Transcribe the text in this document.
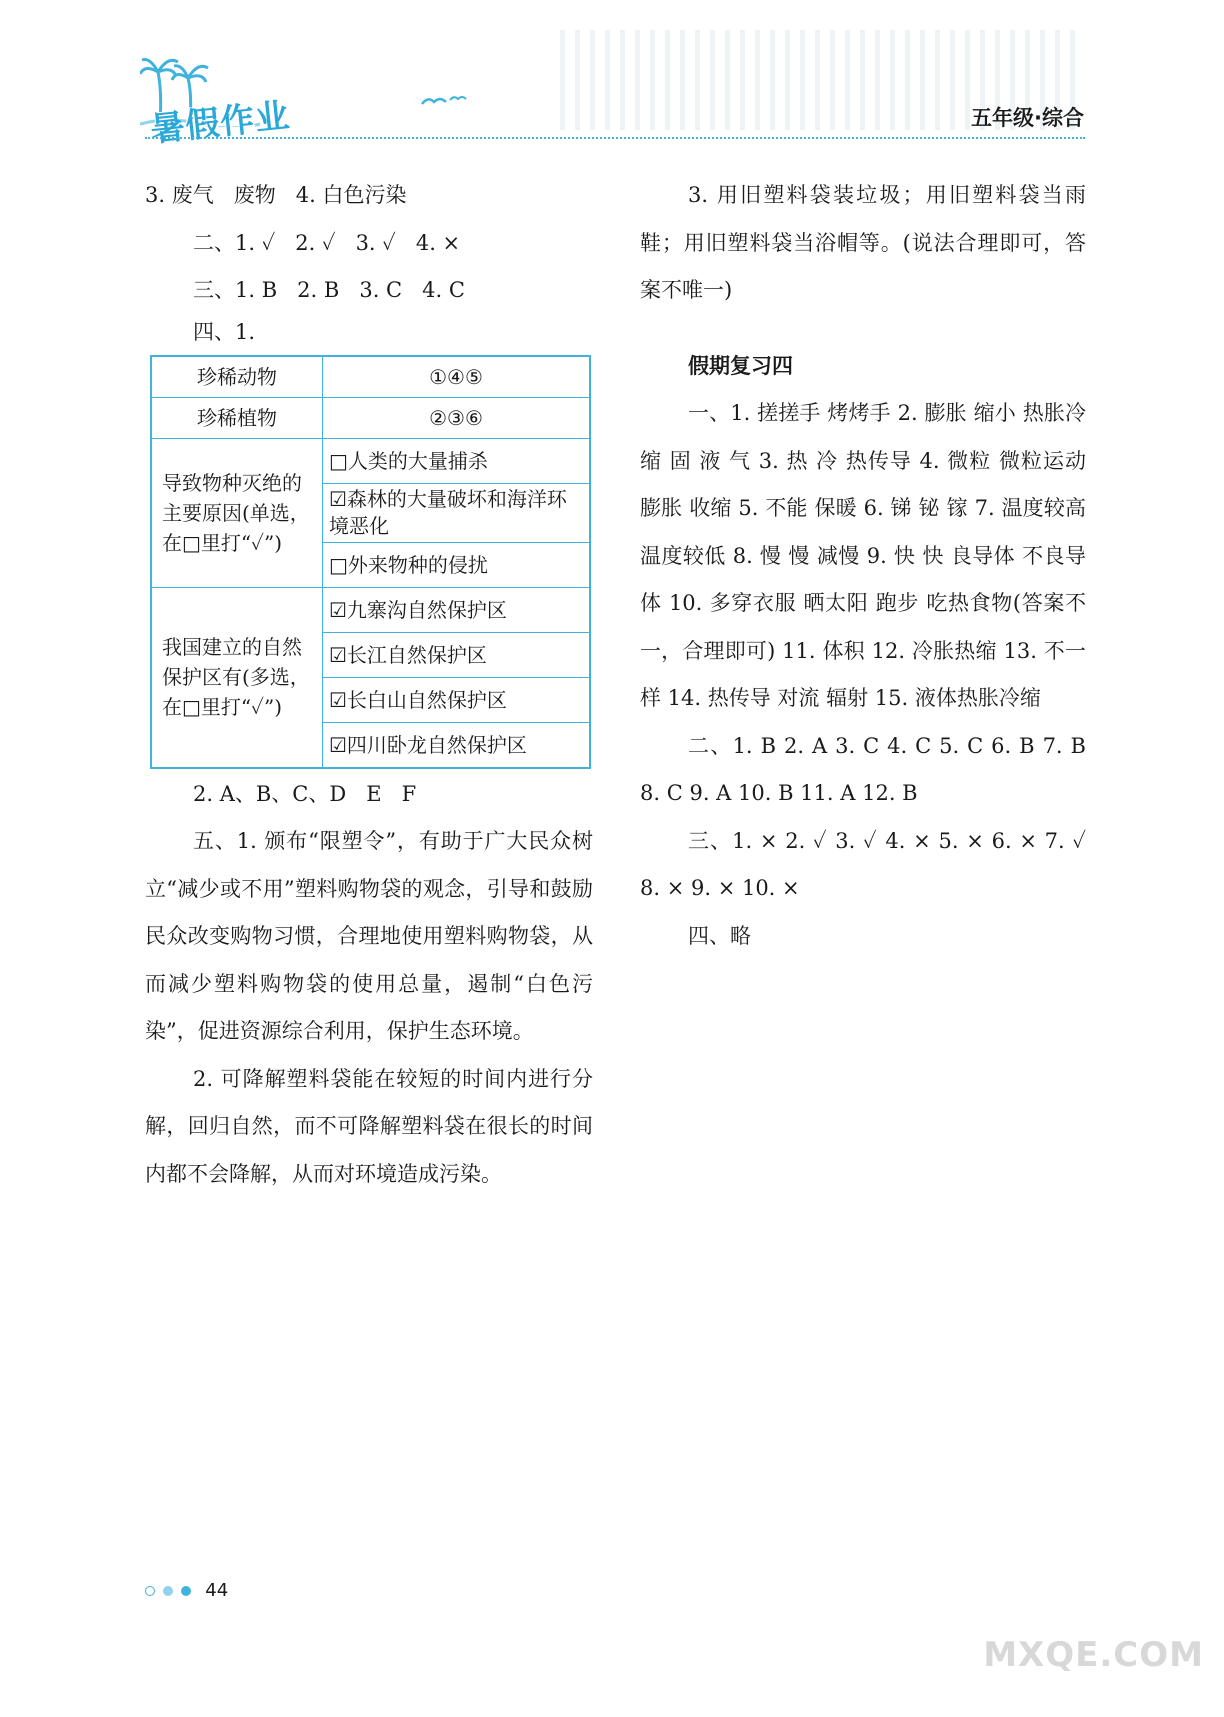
暑假作业	五年级·综合
3. 废气   废物   4. 白色污染
二、1. ✓   2. ✓   3. ✓   4. ×
三、1. B   2. B   3. C   4. C
四、1.
珍稀动物	①④⑤
珍稀植物	②③⑥
导致物种灭绝的主要原因(单选，在□里打“✓”)	□人类的大量捕杀
	☑森林的大量破坏和海洋环境恶化
	□外来物种的侵扰
我国建立的自然保护区有(多选，在□里打“✓”)	☑九寨沟自然保护区
	☑长江自然保护区
	☑长白山自然保护区
	☑四川卧龙自然保护区
2. A、B、C、D   E   F
五、1. 颁布“限塑令”，有助于广大民众树立“减少或不用”塑料购物袋的观念，引导和鼓励民众改变购物习惯，合理地使用塑料购物袋，从而减少塑料购物袋的使用总量，遏制“白色污染”，促进资源综合利用，保护生态环境。
2. 可降解塑料袋能在较短的时间内进行分解，回归自然，而不可降解塑料袋在很长的时间内都不会降解，从而对环境造成污染。
3. 用旧塑料袋装垃圾；用旧塑料袋当雨鞋；用旧塑料袋当浴帽等。(说法合理即可，答案不唯一)
假期复习四
一、1. 搓搓手 烤烤手 2. 膨胀 缩小 热胀冷缩 固 液 气 3. 热 冷 热传导 4. 微粒 微粒运动 膨胀 收缩 5. 不能 保暖 6. 锑 铋 镓 7. 温度较高 温度较低 8. 慢 慢 减慢 9. 快 快 良导体 不良导体 10. 多穿衣服 晒太阳 跑步 吃热食物(答案不一，合理即可) 11. 体积 12. 冷胀热缩 13. 不一样 14. 热传导 对流 辐射 15. 液体热胀冷缩
二、1. B 2. A 3. C 4. C 5. C 6. B 7. B 8. C 9. A 10. B 11. A 12. B
三、1. × 2. ✓ 3. ✓ 4. × 5. × 6. × 7. ✓ 8. × 9. × 10. ×
四、略
44
MXQE.COM
